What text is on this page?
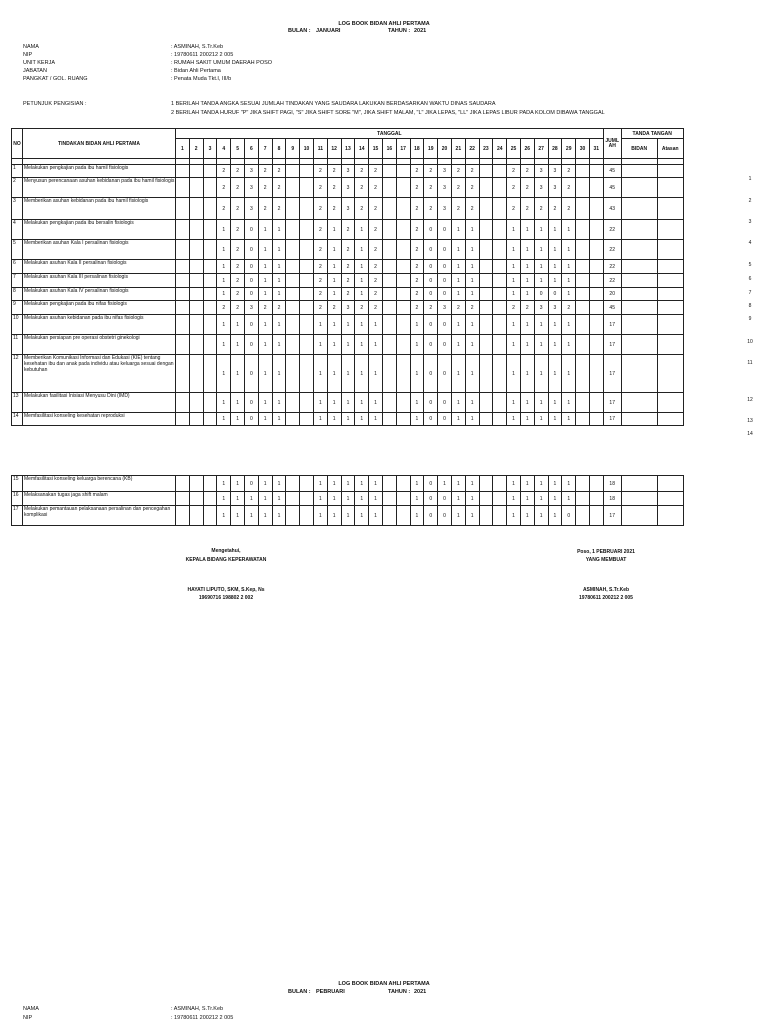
LOG BOOK BIDAN AHLI PERTAMA
BULAN : JANUARI	TAHUN : 2021
NAMA	: ASMINAH, S.Tr.Keb
NIP	: 19780611 200212 2 005
UNIT KERJA	: RUMAH SAKIT UMUM DAERAH POSO
JABATAN	: Bidan Ahli Pertama
PANGKAT / GOL. RUANG	: Penata Muda Tkt.I, III/b
PETUNJUK PENGISIAN :	1 BERILAH TANDA ANGKA SESUAI JUMLAH TINDAKAN YANG SAUDARA LAKUKAN BERDASARKAN WAKTU DINAS SAUDARA
2 BERILAH TANDA HURUF "P" JIKA SHIFT PAGI, "S" JIKA SHIFT SORE "M", JIKA SHIFT MALAM, "L" JIKA LEPAS, "LL" JIKA LEPAS LIBUR PADA KOLOM DIBAWA TANGGAL
NO	TINDAKAN BIDAN AHLI PERTAMA	TANGGAL																															JUML AH	TANDA TANGAN	
		1	2	3	4	5	6	7	8	9	10	11	12	13	14	15	16	17	18	19	20	21	22	23	24	25	26	27	28	29	30	31		BIDAN	Atasan

1	Melakukan pengkajian pada ibu hamil fisiologis				2	2	3	2	2			2	2	3	2	2			2	2	3	2	2			2	2	3	3	2			45		
2	Menyusun perencanaan asuhan kebidanan pada ibu hamil fisiologis				2	2	3	2	2			2	2	3	2	2			2	2	3	2	2			2	2	3	3	2			45		
3	Memberikan asuhan kebidanan pada ibu hamil fisiologis				2	2	3	2	2			2	2	3	2	2			2	2	3	2	2			2	2	2	2	2			43		
4	Melakukan pengkajian pada ibu bersalin fisiologis				1	2	0	1	1			2	1	2	1	2			2	0	0	1	1			1	1	1	1	1			22		
5	Memberikan asuhan Kala I persalinan fisiologis				1	2	0	1	1			2	1	2	1	2			2	0	0	1	1			1	1	1	1	1			22		
6	Melakukan asuhan Kala II persalinan fisiologis				1	2	0	1	1			2	1	2	1	2			2	0	0	1	1			1	1	1	1	1			22		
7	Melakukan asuhan Kala III persalinan fisiologis				1	2	0	1	1			2	1	2	1	2			2	0	0	1	1			1	1	1	1	1			22		
8	Melakukan asuhan Kala IV persalinan fisiologis				1	2	0	1	1			2	1	2	1	2			2	0	0	1	1			1	1	0	0	1			20		
9	Melakukan pengkajian pada ibu nifas fisiologis				2	2	3	2	2			2	2	3	2	2			2	2	3	2	2			2	2	3	3	2			45		
10	Melakukan asuhan kebidanan pada ibu nifas fisiologis				1	1	0	1	1			1	1	1	1	1			1	0	0	1	1			1	1	1	1	1			17		
11	Melakukan persiapan pre operasi obstetri ginekologi				1	1	0	1	1			1	1	1	1	1			1	0	0	1	1			1	1	1	1	1			17		
12	Memberikan Komunikasi Informasi dan Edukasi (KIE) tentang kesehatan ibu dan anak pada individu atau keluarga sesuai dengan kebutuhan				1	1	0	1	1			1	1	1	1	1			1	0	0	1	1			1	1	1	1	1			17		
13	Melakukan fasilitasi Inisiasi Menyusu Dini (IMD)				1	1	0	1	1			1	1	1	1	1			1	0	0	1	1			1	1	1	1	1			17		
14	Memfasilitasi konseling kesehatan reproduksi				1	1	0	1	1			1	1	1	1	1			1	0	0	1	1			1	1	1	1	1			17		

15	Memfasilitasi konseling keluarga berencana (KB)				1	1	0	1	1			1	1	1	1	1			1	0	1	1	1			1	1	1	1	1			18		
16	Melaksanakan tugas jaga shift malam				1	1	1	1	1			1	1	1	1	1			1	0	0	1	1			1	1	1	1	1			18		
17	Melakukan pemantauan pelaksanaan persalinan dan pencegahan komplikasi				1	1	1	1	1			1	1	1	1	1			1	0	0	1	1			1	1	1	1	0			17		
1
2
3
4
5
6
7
8
9
10
11
12
13
14
Mengetahui,
KEPALA BIDANG KEPERAWATAN
HAYATI LIPUTO, SKM, S.Kep, Ns
19690716 198802 2 002
Poso, 1 PEBRUARI 2021
YANG MEMBUAT
ASMINAH, S.Tr.Keb
19780611 200212 2 005
LOG BOOK BIDAN AHLI PERTAMA
BULAN : PEBRUARI	TAHUN : 2021
NAMA	: ASMINAH, S.Tr.Keb
NIP	: 19780611 200212 2 005
